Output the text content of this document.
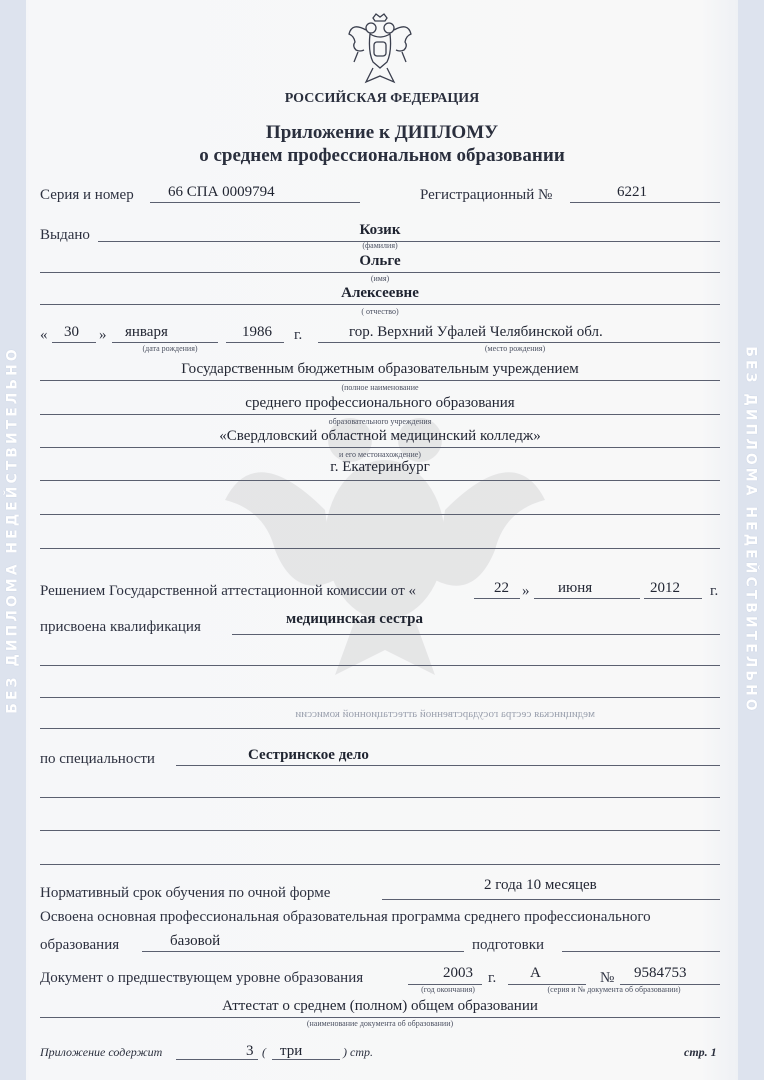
БЕЗ ДИПЛОМА НЕДЕЙСТВИТЕЛЬНО	БЕЗ ДИПЛОМА НЕДЕЙСТВИТЕЛЬНО
РОССИЙСКАЯ ФЕДЕРАЦИЯ
Приложение к ДИПЛОМУ
о среднем профессиональном образовании
Серия и номер 66 СПА 0009794	Регистрационный №	6221
Выдано	Козик
(фамилия)
Ольге
(имя)
Алексеевне
( отчество)
« 30 » января	1986 г.
(дата рождения)
гор. Верхний Уфалей Челябинской обл.
(место рождения)
Государственным бюджетным образовательным учреждением
(полное наименование
среднего профессионального образования
образовательного учреждения
«Свердловский областной медицинский колледж»
и его местонахождение)
г. Екатеринбург
Решением Государственной аттестационной комиссии от «	22 » июня	2012 г.
присвоена квалификация	медицинская сестра
медицинская сестра государственной аттестационной комиссии
по специальности	Сестринское дело
Нормативный срок обучения по очной форме	2 года 10 месяцев
Освоена основная профессиональная образовательная программа среднего профессионального
образования	базовой	подготовки
Документ о предшествующем уровне образования	2003 г. А	№ 9584753
(год окончания)	(серия и № документа об образовании)
Аттестат о среднем (полном) общем образовании
(наименование документа об образовании)
Приложение содержит	3 ( три	) стр.	стр. 1
